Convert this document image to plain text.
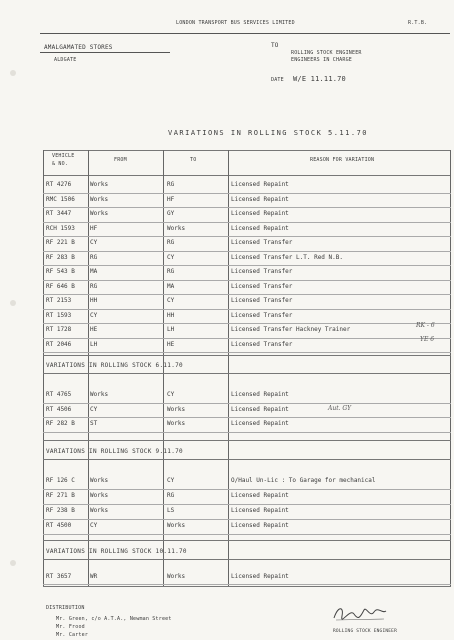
LONDON TRANSPORT BUS SERVICES LIMITED	R.T.B.
AMALGAMATED STORES
ALDGATE
TO
ROLLING STOCK ENGINEER
ENGINEERS IN CHARGE
DATE W/E 11.11.70
VARIATIONS IN ROLLING STOCK 5.11.70
VEHICLE
& NO.
FROM	TO	REASON FOR VARIATION
RT 4276	Works	RG	Licensed Repaint
RMC 1506	Works	HF	Licensed Repaint
RT 3447	Works	GY	Licensed Repaint
RCH 1593	HF	Works	Licensed Repaint
RF 221 B	CY	RG	Licensed Transfer
RF 283 B	RG	CY	Licensed Transfer L.T. Red N.B.
RF 543 B	MA	RG	Licensed Transfer
RF 646 B	RG	MA	Licensed Transfer
RT 2153	HH	CY	Licensed Transfer
RT 1593	CY	HH	Licensed Transfer
RT 1728	HE	LH	Licensed Transfer Hackney Trainer
RT 2046	LH	HE	Licensed Transfer
VARIATIONS IN ROLLING STOCK 6.11.70
RT 4765	Works	CY	Licensed Repaint
RT 4506	CY	Works	Licensed Repaint
RF 282 B	ST	Works	Licensed Repaint
VARIATIONS IN ROLLING STOCK 9.11.70
RF 126 C	Works	CY	O/Haul Un-Lic : To Garage for mechanical
RF 271 B	Works	RG	Licensed Repaint
RF 238 B	Works	LS	Licensed Repaint
RT 4500	CY	Works	Licensed Repaint
VARIATIONS IN ROLLING STOCK 10.11.70
RT 3657	WR	Works	Licensed Repaint
RK - 6
YE 6
Aut. GY
DISTRIBUTION
Mr. Green, c/o A.T.A., Newman Street
Mr. Frood
Mr. Carter
ROLLING STOCK ENGINEER
